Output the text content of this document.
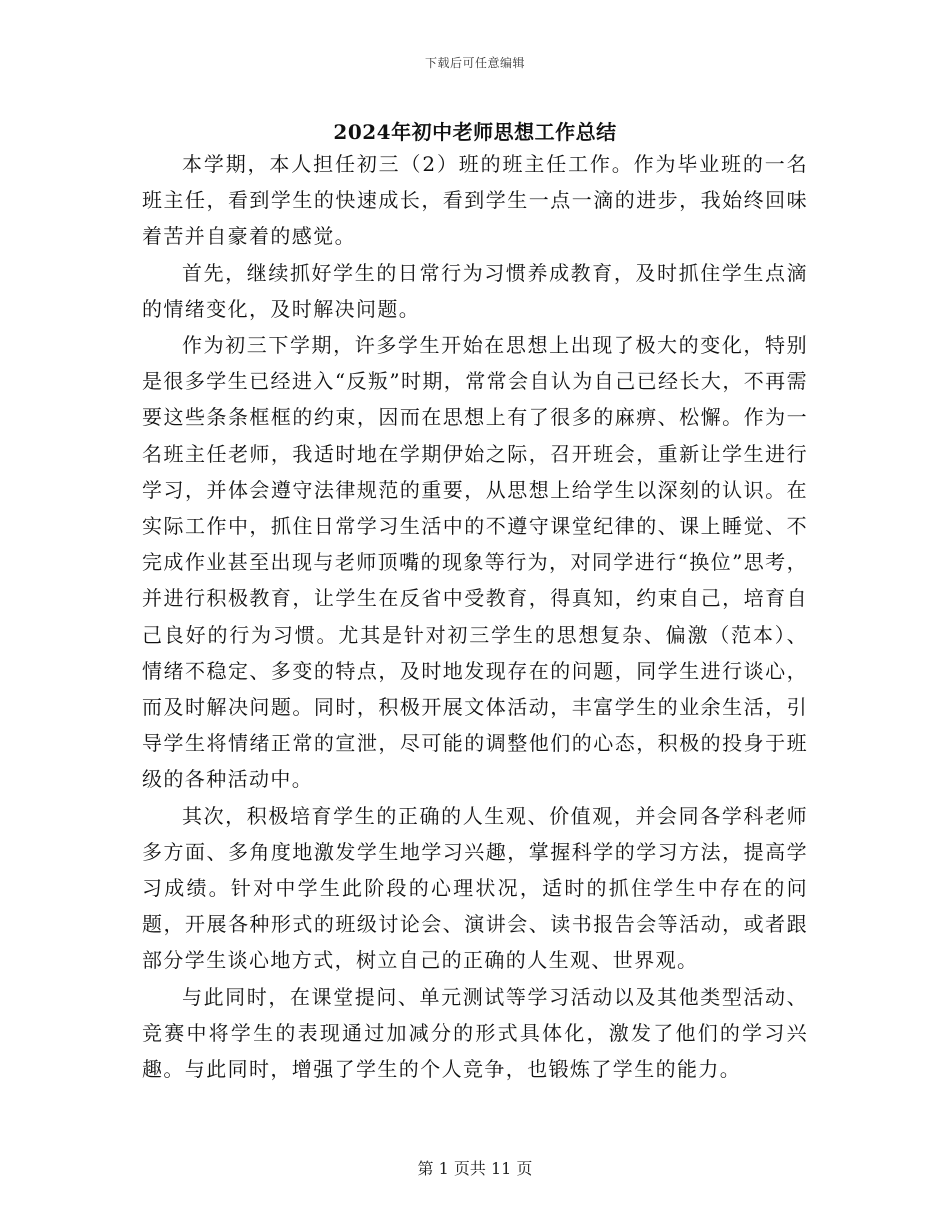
下载后可任意编辑
2024年初中老师思想工作总结

本学期，本人担任初三（2）班的班主任工作。作为毕业班的一名班主任，看到学生的快速成长，看到学生一点一滴的进步，我始终回味着苦并自豪着的感觉。

首先，继续抓好学生的日常行为习惯养成教育，及时抓住学生点滴的情绪变化，及时解决问题。

作为初三下学期，许多学生开始在思想上出现了极大的变化，特别是很多学生已经进入“反叛”时期，常常会自认为自己已经长大，不再需要这些条条框框的约束，因而在思想上有了很多的麻痹、松懈。作为一名班主任老师，我适时地在学期伊始之际，召开班会，重新让学生进行学习，并体会遵守法律规范的重要，从思想上给学生以深刻的认识。在实际工作中，抓住日常学习生活中的不遵守课堂纪律的、课上睡觉、不完成作业甚至出现与老师顶嘴的现象等行为，对同学进行“换位”思考，并进行积极教育，让学生在反省中受教育，得真知，约束自己，培育自己良好的行为习惯。尤其是针对初三学生的思想复杂、偏激（范本）、情绪不稳定、多变的特点，及时地发现存在的问题，同学生进行谈心，而及时解决问题。同时，积极开展文体活动，丰富学生的业余生活，引导学生将情绪正常的宣泄，尽可能的调整他们的心态，积极的投身于班级的各种活动中。

其次，积极培育学生的正确的人生观、价值观，并会同各学科老师多方面、多角度地激发学生地学习兴趣，掌握科学的学习方法，提高学习成绩。针对中学生此阶段的心理状况，适时的抓住学生中存在的问题，开展各种形式的班级讨论会、演讲会、读书报告会等活动，或者跟部分学生谈心地方式，树立自己的正确的人生观、世界观。

与此同时，在课堂提问、单元测试等学习活动以及其他类型活动、竞赛中将学生的表现通过加减分的形式具体化，激发了他们的学习兴趣。与此同时，增强了学生的个人竞争，也锻炼了学生的能力。

第 1 页共 11 页
